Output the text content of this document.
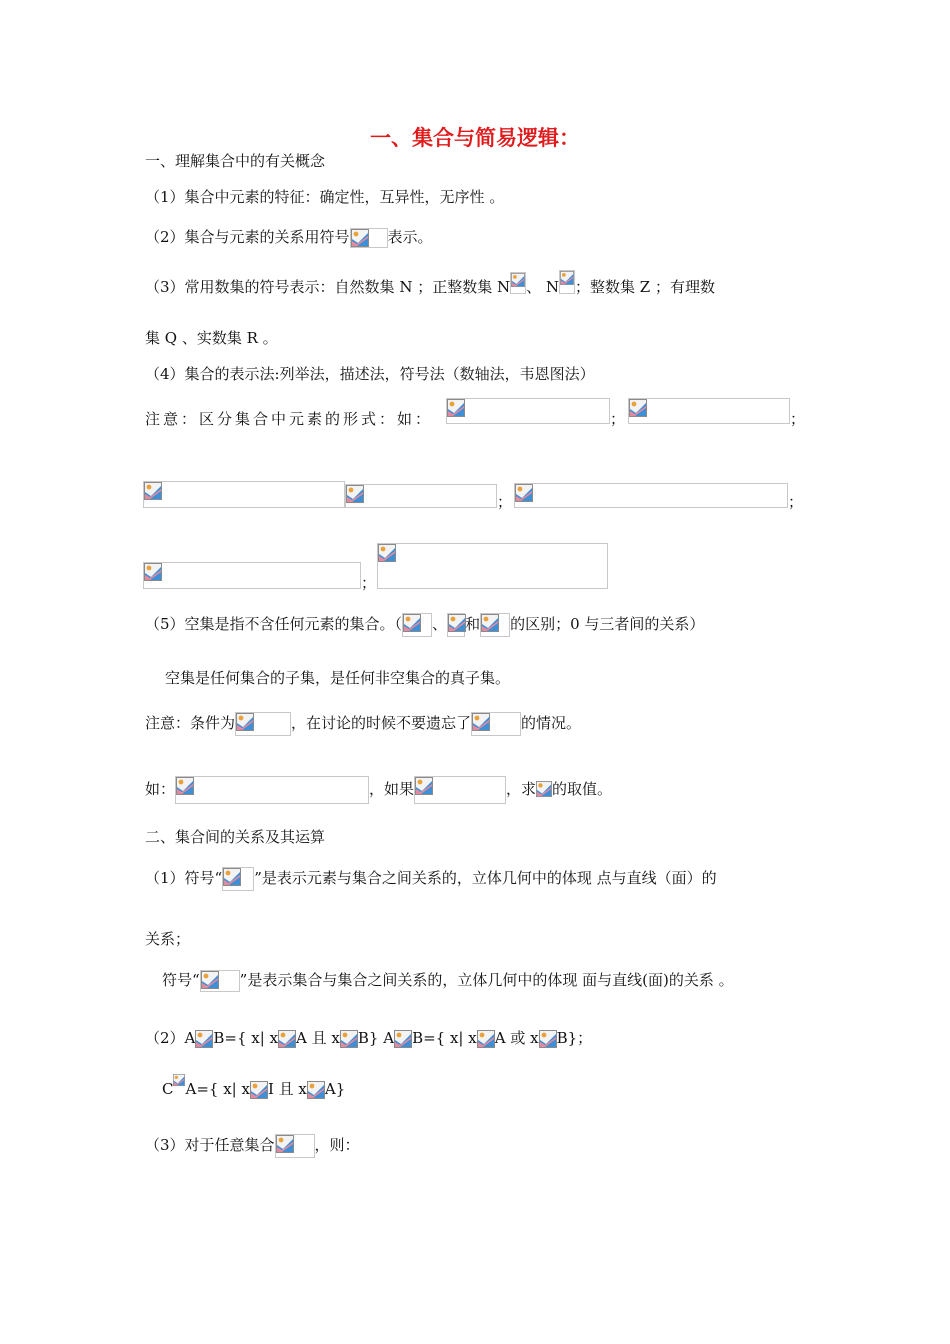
一、集合与简易逻辑：
一、理解集合中的有关概念
（1）集合中元素的特征：确定性，互异性，无序性 。
（2）集合与元素的关系用符号	表示。
（3）常用数集的符号表示：自然数集 N ；正整数集 N 、 N ；整数集 Z ；有理数
集 Q 、实数集 R 。
（4）集合的表示法:列举法，描述法，符号法（数轴法，韦恩图法）
注意：区分集合中元素的形式：如：	；	；
；	；
；
（5）空集是指不含任何元素的集合。（ 、 和 的区别；0 与三者间的关系）
空集是任何集合的子集，是任何非空集合的真子集。
注意：条件为	，在讨论的时候不要遗忘了	的情况。
如：	，如果	，求 的取值。
二、集合间的关系及其运算
（1）符号“ ”是表示元素与集合之间关系的，立体几何中的体现 点与直线（面）的
关系；
符号“	”是表示集合与集合之间关系的，立体几何中的体现 面与直线(面)的关系 。
（2）A B={ x| x A 且 x B} A B={ x| x A 或 x B}；
C A={ x| x I 且 x A}
（3）对于任意集合	，则：
